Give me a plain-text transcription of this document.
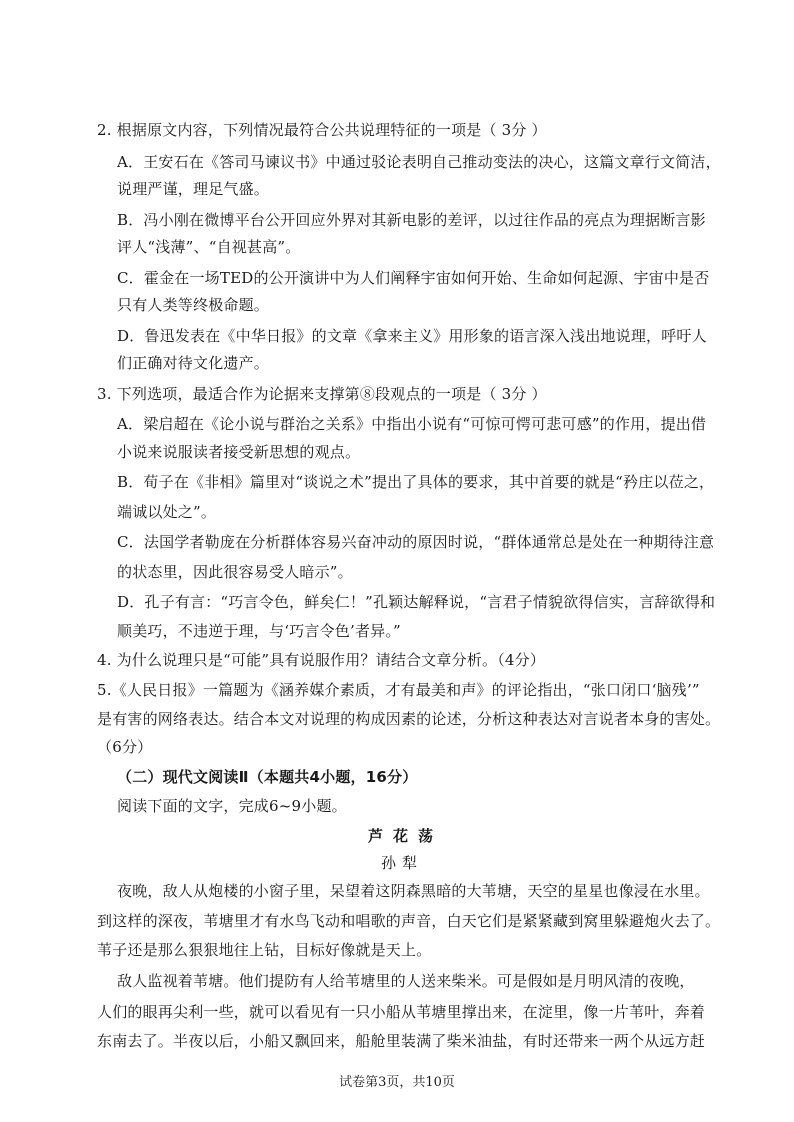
2. 根据原文内容，下列情况最符合公共说理特征的一项是（ 3分 ）
A．王安石在《答司马谏议书》中通过驳论表明自己推动变法的决心，这篇文章行文简洁，
说理严谨，理足气盛。
B．冯小刚在微博平台公开回应外界对其新电影的差评，以过往作品的亮点为理据断言影
评人“浅薄”、“自视甚高”。
C．霍金在一场TED的公开演讲中为人们阐释宇宙如何开始、生命如何起源、宇宙中是否
只有人类等终极命题。
D．鲁迅发表在《中华日报》的文章《拿来主义》用形象的语言深入浅出地说理，呼吁人
们正确对待文化遗产。
3. 下列选项，最适合作为论据来支撑第⑧段观点的一项是（ 3分 ）
A．梁启超在《论小说与群治之关系》中指出小说有“可惊可愕可悲可感”的作用，提出借
小说来说服读者接受新思想的观点。
B．荀子在《非相》篇里对“谈说之术”提出了具体的要求，其中首要的就是“矜庄以莅之，
端诚以处之”。
C．法国学者勒庞在分析群体容易兴奋冲动的原因时说，“群体通常总是处在一种期待注意
的状态里，因此很容易受人暗示”。
D．孔子有言：“巧言令色，鲜矣仁！”孔颖达解释说，“言君子情貌欲得信实，言辞欲得和
顺美巧，不违逆于理，与‘巧言令色’者异。”
4. 为什么说理只是“可能”具有说服作用？请结合文章分析。（4分）
5.《人民日报》一篇题为《涵养媒介素质，才有最美和声》的评论指出，“张口闭口‘脑残’”
是有害的网络表达。结合本文对说理的构成因素的论述，分析这种表达对言说者本身的害处。
（6分）
（二）现代文阅读Ⅱ（本题共4小题，16分）
阅读下面的文字，完成6~9小题。
芦花荡
孙犁
夜晚，敌人从炮楼的小窗子里，呆望着这阴森黑暗的大苇塘，天空的星星也像浸在水里。
到这样的深夜，苇塘里才有水鸟飞动和唱歌的声音，白天它们是紧紧藏到窝里躲避炮火去了。
苇子还是那么狠狠地往上钻，目标好像就是天上。
敌人监视着苇塘。他们提防有人给苇塘里的人送来柴米。可是假如是月明风清的夜晚，
人们的眼再尖利一些，就可以看见有一只小船从苇塘里撑出来，在淀里，像一片苇叶，奔着
东南去了。半夜以后，小船又飘回来，船舱里装满了柴米油盐，有时还带来一两个从远方赶
试卷第3页，共10页
